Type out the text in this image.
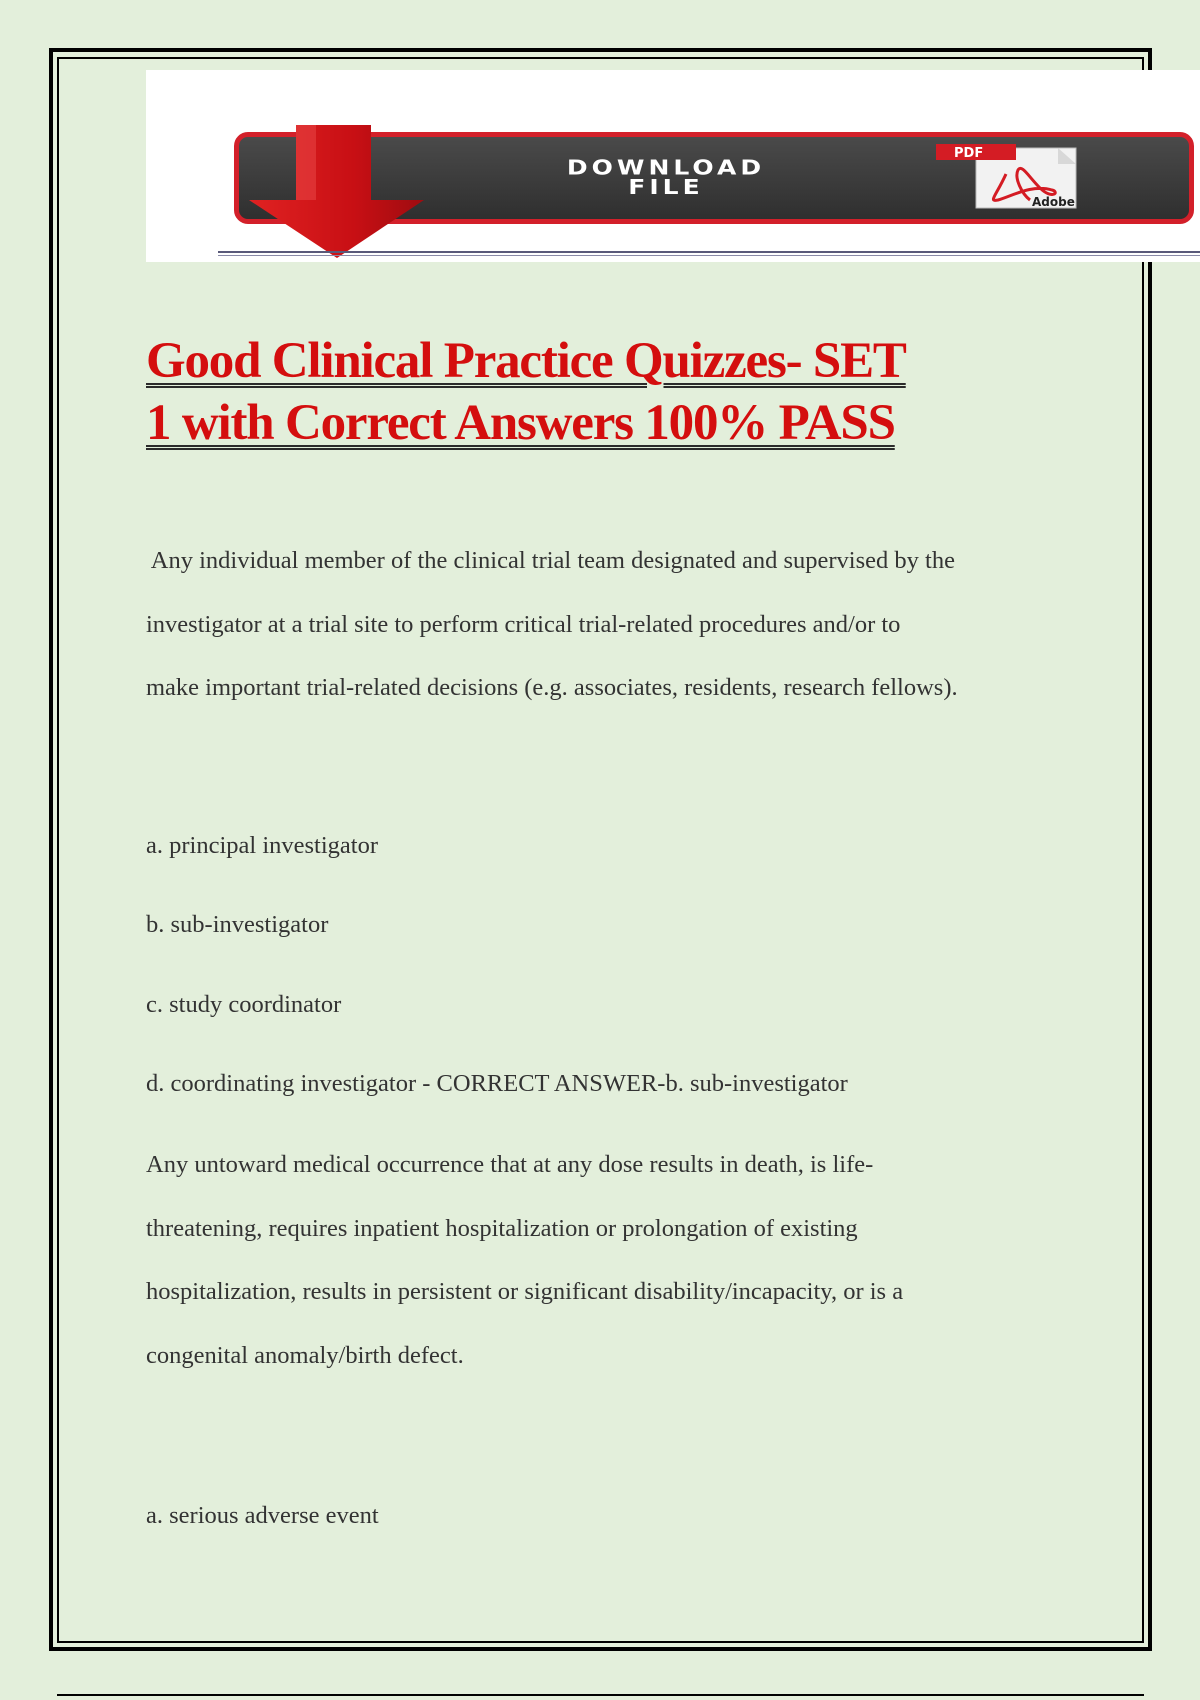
DOWNLOAD
FILE
PDF
Adobe
Good Clinical Practice Quizzes- SET
1 with Correct Answers 100% PASS

Any individual member of the clinical trial team designated and supervised by the
investigator at a trial site to perform critical trial-related procedures and/or to
make important trial-related decisions (e.g. associates, residents, research fellows).

a. principal investigator

b. sub-investigator

c. study coordinator

d. coordinating investigator - CORRECT ANSWER-b. sub-investigator

Any untoward medical occurrence that at any dose results in death, is life-
threatening, requires inpatient hospitalization or prolongation of existing
hospitalization, results in persistent or significant disability/incapacity, or is a
congenital anomaly/birth defect.

a. serious adverse event
